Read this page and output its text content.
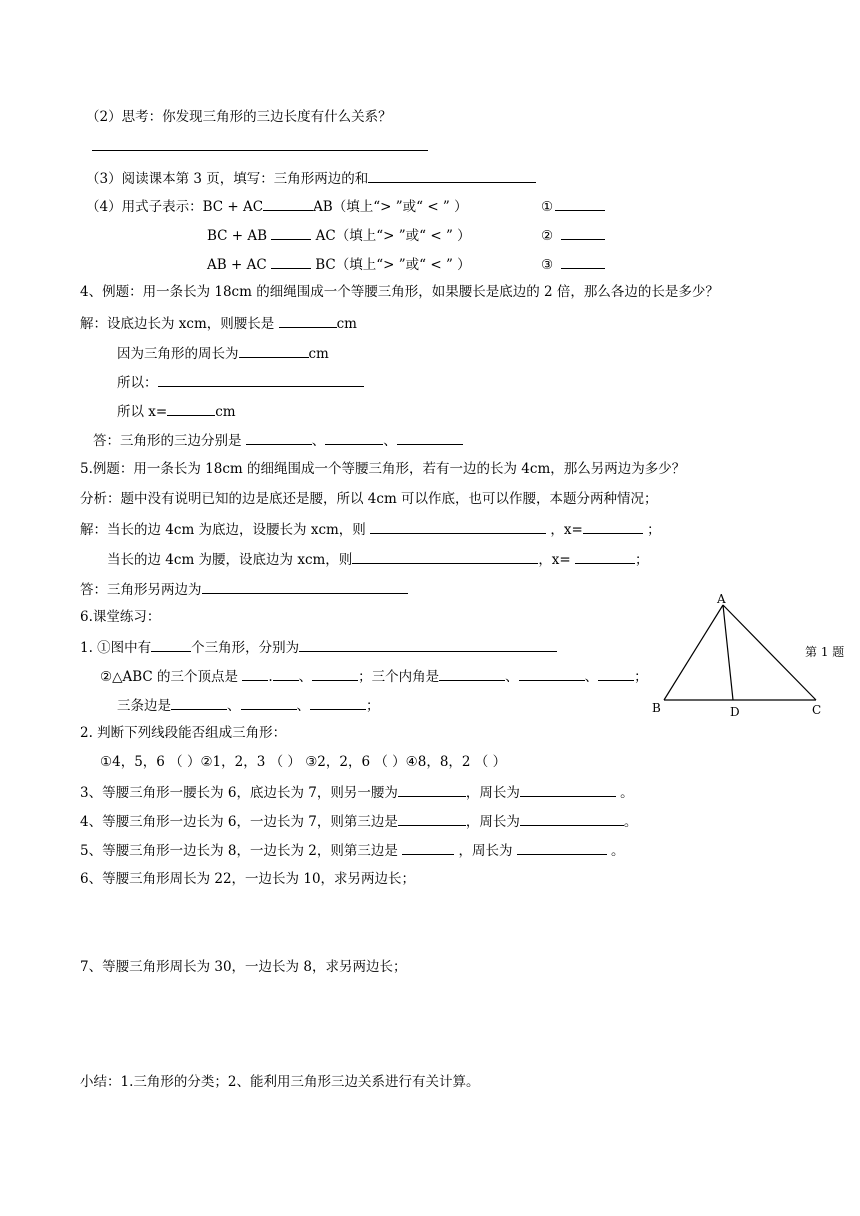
（2）思考：你发现三角形的三边长度有什么关系？
（3）阅读课本第 3 页，填写：三角形两边的和
（4）用式子表示：BC + AC	AB（填上“> ”或“ < ” ）	①
BC + AB	AC（填上“> ”或“ < ” ）	②
AB + AC	BC（填上“> ”或“ < ” ）	③
4、例题：用一条长为 18cm 的细绳围成一个等腰三角形，如果腰长是底边的 2 倍，那么各边的长是多少？
解：设底边长为 xcm，则腰长是	cm
因为三角形的周长为	cm
所以：
所以 x=	cm
答：三角形的三边分别是	、	、
5.例题：用一条长为 18cm 的细绳围成一个等腰三角形，若有一边的长为 4cm，那么另两边为多少？
分析：题中没有说明已知的边是底还是腰，所以 4cm 可以作底，也可以作腰，本题分两种情况；
解：当长的边 4cm 为底边，设腰长为 xcm，则	，x=	；
当长的边 4cm 为腰，设底边为 xcm，则	，x=	；
答：三角形另两边为
6.课堂练习：
1. ①图中有	个三角形，分别为
②△ABC 的三个顶点是 . 、	；三个内角是	、	、	；
三条边是	、	、	；
2. 判断下列线段能否组成三角形：
①4，5，6 （ ）②1，2，3 （ ） ③2，2，6 （ ）④8，8，2 （ ）
3、等腰三角形一腰长为 6，底边长为 7，则另一腰为	，周长为	。
4、等腰三角形一边长为 6，一边长为 7，则第三边是	，周长为	。
5、等腰三角形一边长为 8，一边长为 2，则第三边是	，周长为	。
6、等腰三角形周长为 22，一边长为 10，求另两边长；
7、等腰三角形周长为 30，一边长为 8，求另两边长；
小结：1.三角形的分类；2、能利用三角形三边关系进行有关计算。
A
B	D	C
第 1 题
